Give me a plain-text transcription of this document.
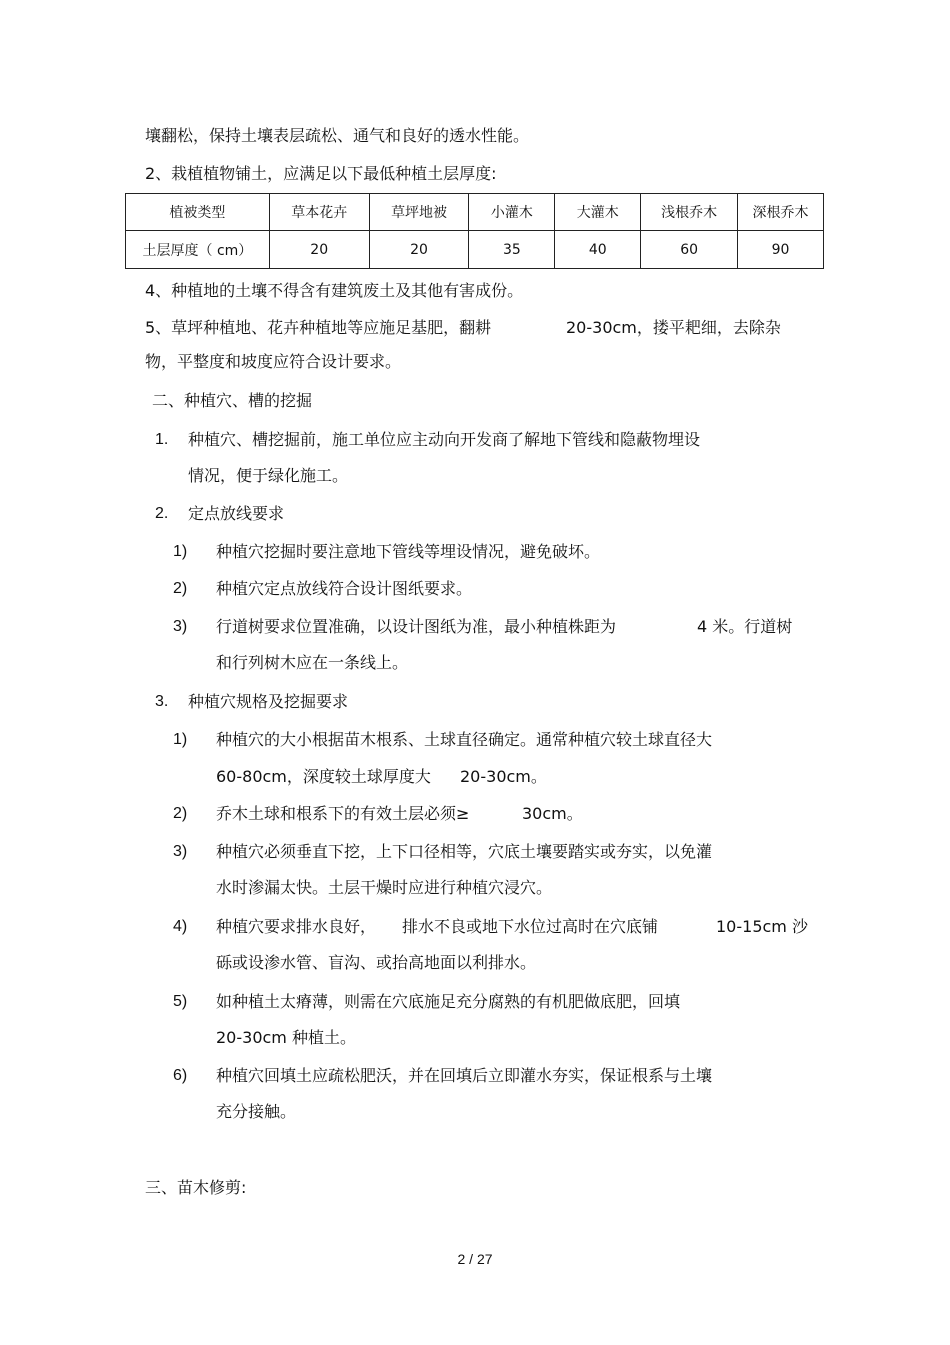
壤翻松，保持土壤表层疏松、通气和良好的透水性能。
2、栽植植物铺土，应满足以下最低种植土层厚度:
植被类型	草本花卉	草坪地被	小灌木	大灌木	浅根乔木	深根乔木
土层厚度（ cm）	20	20	35	40	60	90
4、种植地的土壤不得含有建筑废土及其他有害成份。
5、草坪种植地、花卉种植地等应施足基肥，翻耕	20-30cm，搂平耙细，去除杂
物，平整度和坡度应符合设计要求。
二、种植穴、槽的挖掘
1. 种植穴、槽挖掘前，施工单位应主动向开发商了解地下管线和隐蔽物埋设
情况，便于绿化施工。
2. 定点放线要求
1) 种植穴挖掘时要注意地下管线等埋设情况，避免破坏。
2) 种植穴定点放线符合设计图纸要求。
3) 行道树要求位置准确，以设计图纸为准，最小种植株距为	4 米。行道树
和行列树木应在一条线上。
3. 种植穴规格及挖掘要求
1) 种植穴的大小根据苗木根系、土球直径确定。通常种植穴较土球直径大
60-80cm，深度较土球厚度大 20-30cm。
2) 乔木土球和根系下的有效土层必须≥	30cm。
3) 种植穴必须垂直下挖，上下口径相等，穴底土壤要踏实或夯实，以免灌
水时渗漏太快。土层干燥时应进行种植穴浸穴。
4) 种植穴要求排水良好， 排水不良或地下水位过高时在穴底铺	10-15cm 沙
砾或设渗水管、盲沟、或抬高地面以利排水。
5) 如种植土太瘠薄，则需在穴底施足充分腐熟的有机肥做底肥，回填
20-30cm 种植土。
6) 种植穴回填土应疏松肥沃，并在回填后立即灌水夯实，保证根系与土壤
充分接触。
三、苗木修剪:
2 / 27
